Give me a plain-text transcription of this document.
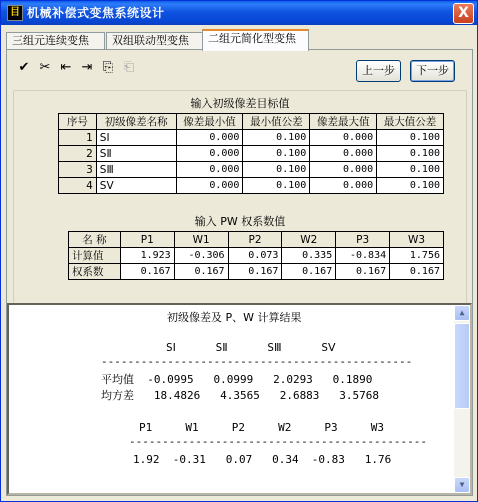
目 机械补偿式变焦系统设计	X
三组元连续变焦	双组联动型变焦	二组元简化型变焦
✔ ✂ ⇤ ⇥ ⎘ ⎗	上一步	下一步
输入初级像差目标值
序号	初级像差名称	像差最小值	最小值公差	像差最大值	最大值公差
1	SⅠ	0.000	0.100	0.000	0.100
2	SⅡ	0.000	0.100	0.000	0.100
3	SⅢ	0.000	0.100	0.000	0.100
4	SⅤ	0.000	0.100	0.000	0.100
输入 PW 权系数值
名 称	P1	W1	P2	W2	P3	W3
计算值	1.923	-0.306	0.073	0.335	-0.834	1.756
权系数	0.167	0.167	0.167	0.167	0.167	0.167
初级像差及 P、W 计算结果
SⅠ      SⅡ      SⅢ      SⅤ
-----------------------------------------------
平均值  -0.0995   0.0999   2.0293   0.1890
均方差   18.4826   4.3565   2.6883   3.5768
P1     W1     P2     W2     P3     W3
---------------------------------------------
1.92  -0.31   0.07   0.34  -0.83   1.76
▲
▼
